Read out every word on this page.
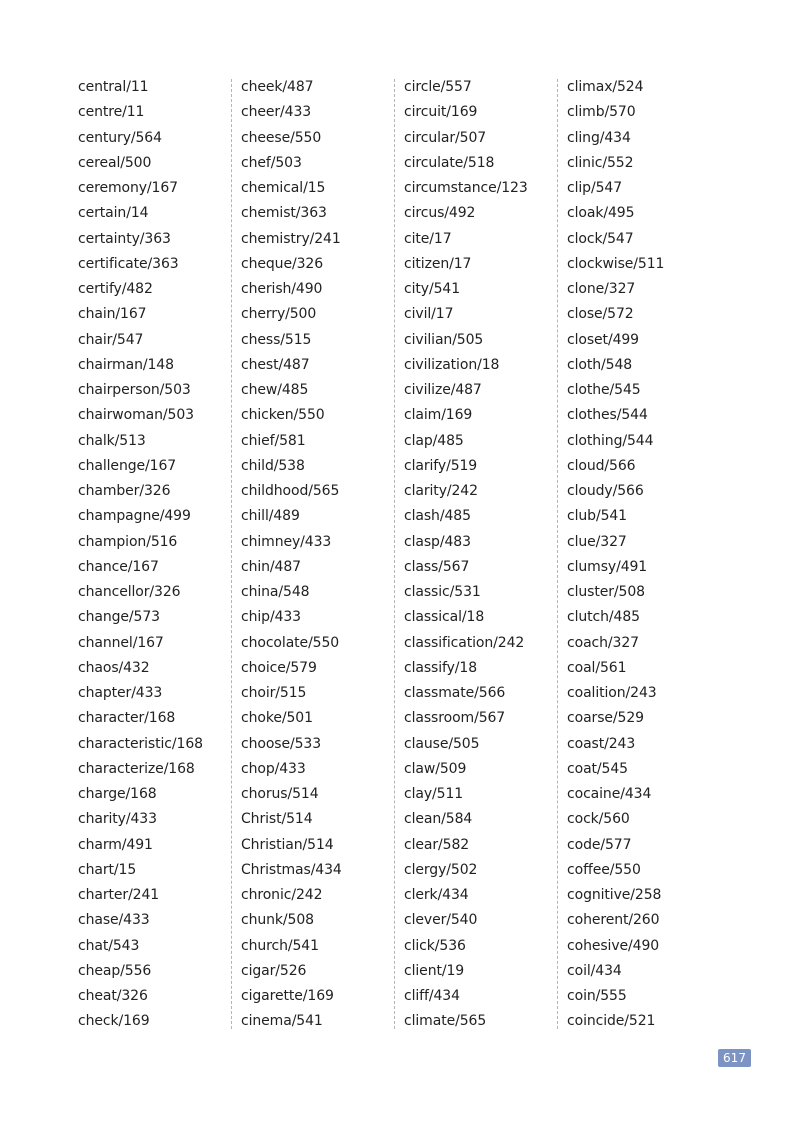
central/11
centre/11
century/564
cereal/500
ceremony/167
certain/14
certainty/363
certificate/363
certify/482
chain/167
chair/547
chairman/148
chairperson/503
chairwoman/503
chalk/513
challenge/167
chamber/326
champagne/499
champion/516
chance/167
chancellor/326
change/573
channel/167
chaos/432
chapter/433
character/168
characteristic/168
characterize/168
charge/168
charity/433
charm/491
chart/15
charter/241
chase/433
chat/543
cheap/556
cheat/326
check/169
cheek/487
cheer/433
cheese/550
chef/503
chemical/15
chemist/363
chemistry/241
cheque/326
cherish/490
cherry/500
chess/515
chest/487
chew/485
chicken/550
chief/581
child/538
childhood/565
chill/489
chimney/433
chin/487
china/548
chip/433
chocolate/550
choice/579
choir/515
choke/501
choose/533
chop/433
chorus/514
Christ/514
Christian/514
Christmas/434
chronic/242
chunk/508
church/541
cigar/526
cigarette/169
cinema/541
circle/557
circuit/169
circular/507
circulate/518
circumstance/123
circus/492
cite/17
citizen/17
city/541
civil/17
civilian/505
civilization/18
civilize/487
claim/169
clap/485
clarify/519
clarity/242
clash/485
clasp/483
class/567
classic/531
classical/18
classification/242
classify/18
classmate/566
classroom/567
clause/505
claw/509
clay/511
clean/584
clear/582
clergy/502
clerk/434
clever/540
click/536
client/19
cliff/434
climate/565
climax/524
climb/570
cling/434
clinic/552
clip/547
cloak/495
clock/547
clockwise/511
clone/327
close/572
closet/499
cloth/548
clothe/545
clothes/544
clothing/544
cloud/566
cloudy/566
club/541
clue/327
clumsy/491
cluster/508
clutch/485
coach/327
coal/561
coalition/243
coarse/529
coast/243
coat/545
cocaine/434
cock/560
code/577
coffee/550
cognitive/258
coherent/260
cohesive/490
coil/434
coin/555
coincide/521
617
